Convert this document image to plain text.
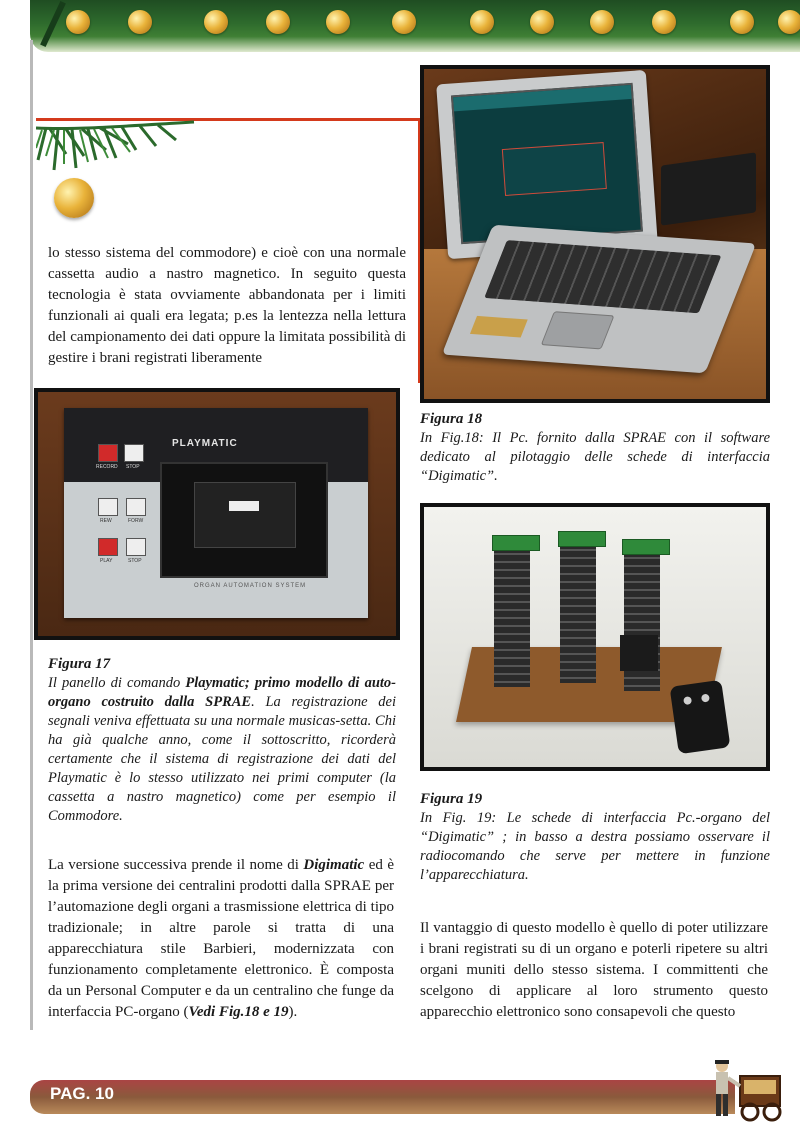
lo stesso sistema del commodore) e cioè con una normale cassetta audio a nastro magnetico. In seguito questa tecnologia è stata ovviamente abbandonata per i limiti funzionali ai quali era legata; p.es la lentezza nella lettura del campionamento dei dati oppure la limitata possibilità di gestire i brani registrati liberamente

Figura 18
In Fig.18: Il Pc. fornito dalla SPRAE con il software dedicato al pilotaggio delle schede di interfaccia “Digimatic”.

PLAYMATIC
RECORD STOP
REW	FORW
PLAY	STOP
ORGAN AUTOMATION SYSTEM

Figura 17
Il panello di comando Playmatic; primo modello di auto-organo costruito dalla SPRAE. La registrazione dei segnali veniva effettuata su una normale musicas-setta. Chi ha già qualche anno, come il sottoscritto, ricorderà certamente che il sistema di registrazione dei dati del Playmatic è lo stesso utilizzato nei primi computer (la cassetta a nastro magnetico) come per esempio il Commodore.

Figura 19
In Fig. 19: Le schede di interfaccia Pc.-organo del “Digimatic” ; in basso a destra possiamo osservare il radiocomando che serve per mettere in funzione l’apparecchiatura.

La versione successiva prende il nome di Digimatic ed è la prima versione dei centralini prodotti dalla SPRAE per l’automazione degli organi a trasmissione elettrica di tipo tradizionale; in altre parole si tratta di una apparecchiatura stile Barbieri, modernizzata con funzionamento completamente elettronico. È composta da un Personal Computer e da un centralino che funge da interfaccia PC-organo (Vedi Fig.18 e 19).

Il vantaggio di questo modello è quello di poter utilizzare i brani registrati su di un organo e poterli ripetere su altri organi muniti dello stesso sistema. I committenti che scelgono di applicare al loro strumento questo apparecchio elettronico sono consapevoli che questo

PAG. 10
